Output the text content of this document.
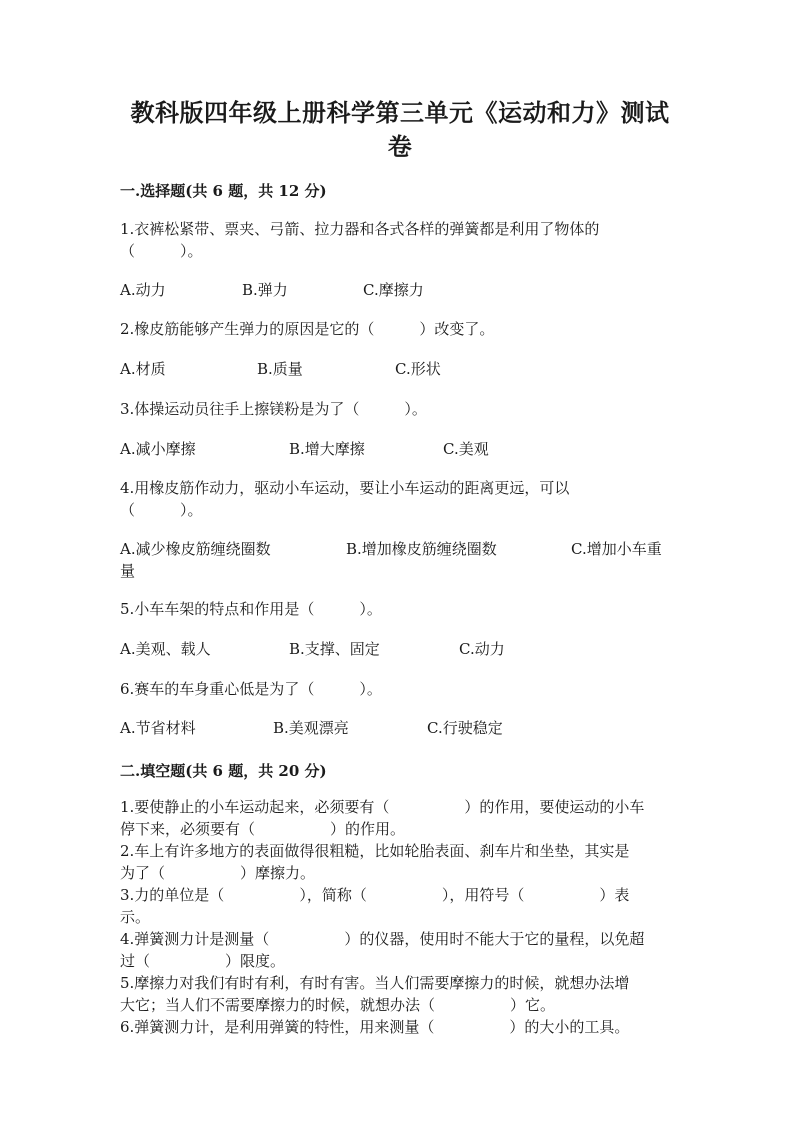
教科版四年级上册科学第三单元《运动和力》测试
卷
一.选择题(共 6 题，共 12 分)
1.衣裤松紧带、票夹、弓箭、拉力器和各式各样的弹簧都是利用了物体的
（　　　）。
A.动力	B.弹力	C.摩擦力
2.橡皮筋能够产生弹力的原因是它的（　　　）改变了。
A.材质	B.质量	C.形状
3.体操运动员往手上擦镁粉是为了（　　　）。
A.减小摩擦	B.增大摩擦	C.美观
4.用橡皮筋作动力，驱动小车运动，要让小车运动的距离更远，可以
（　　　）。
A.减少橡皮筋缠绕圈数	B.增加橡皮筋缠绕圈数	C.增加小车重
量
5.小车车架的特点和作用是（　　　）。
A.美观、载人	B.支撑、固定	C.动力
6.赛车的车身重心低是为了（　　　）。
A.节省材料	B.美观漂亮	C.行驶稳定
二.填空题(共 6 题，共 20 分)
1.要使静止的小车运动起来，必须要有（　　　　　）的作用，要使运动的小车
停下来，必须要有（　　　　　）的作用。
2.车上有许多地方的表面做得很粗糙，比如轮胎表面、刹车片和坐垫，其实是
为了（　　　　　）摩擦力。
3.力的单位是（　　　　　），简称（　　　　　），用符号（　　　　　）表
示。
4.弹簧测力计是测量（　　　　　）的仪器，使用时不能大于它的量程，以免超
过（　　　　　）限度。
5.摩擦力对我们有时有利，有时有害。当人们需要摩擦力的时候，就想办法增
大它；当人们不需要摩擦力的时候，就想办法（　　　　　）它。
6.弹簧测力计，是利用弹簧的特性，用来测量（　　　　　）的大小的工具。
